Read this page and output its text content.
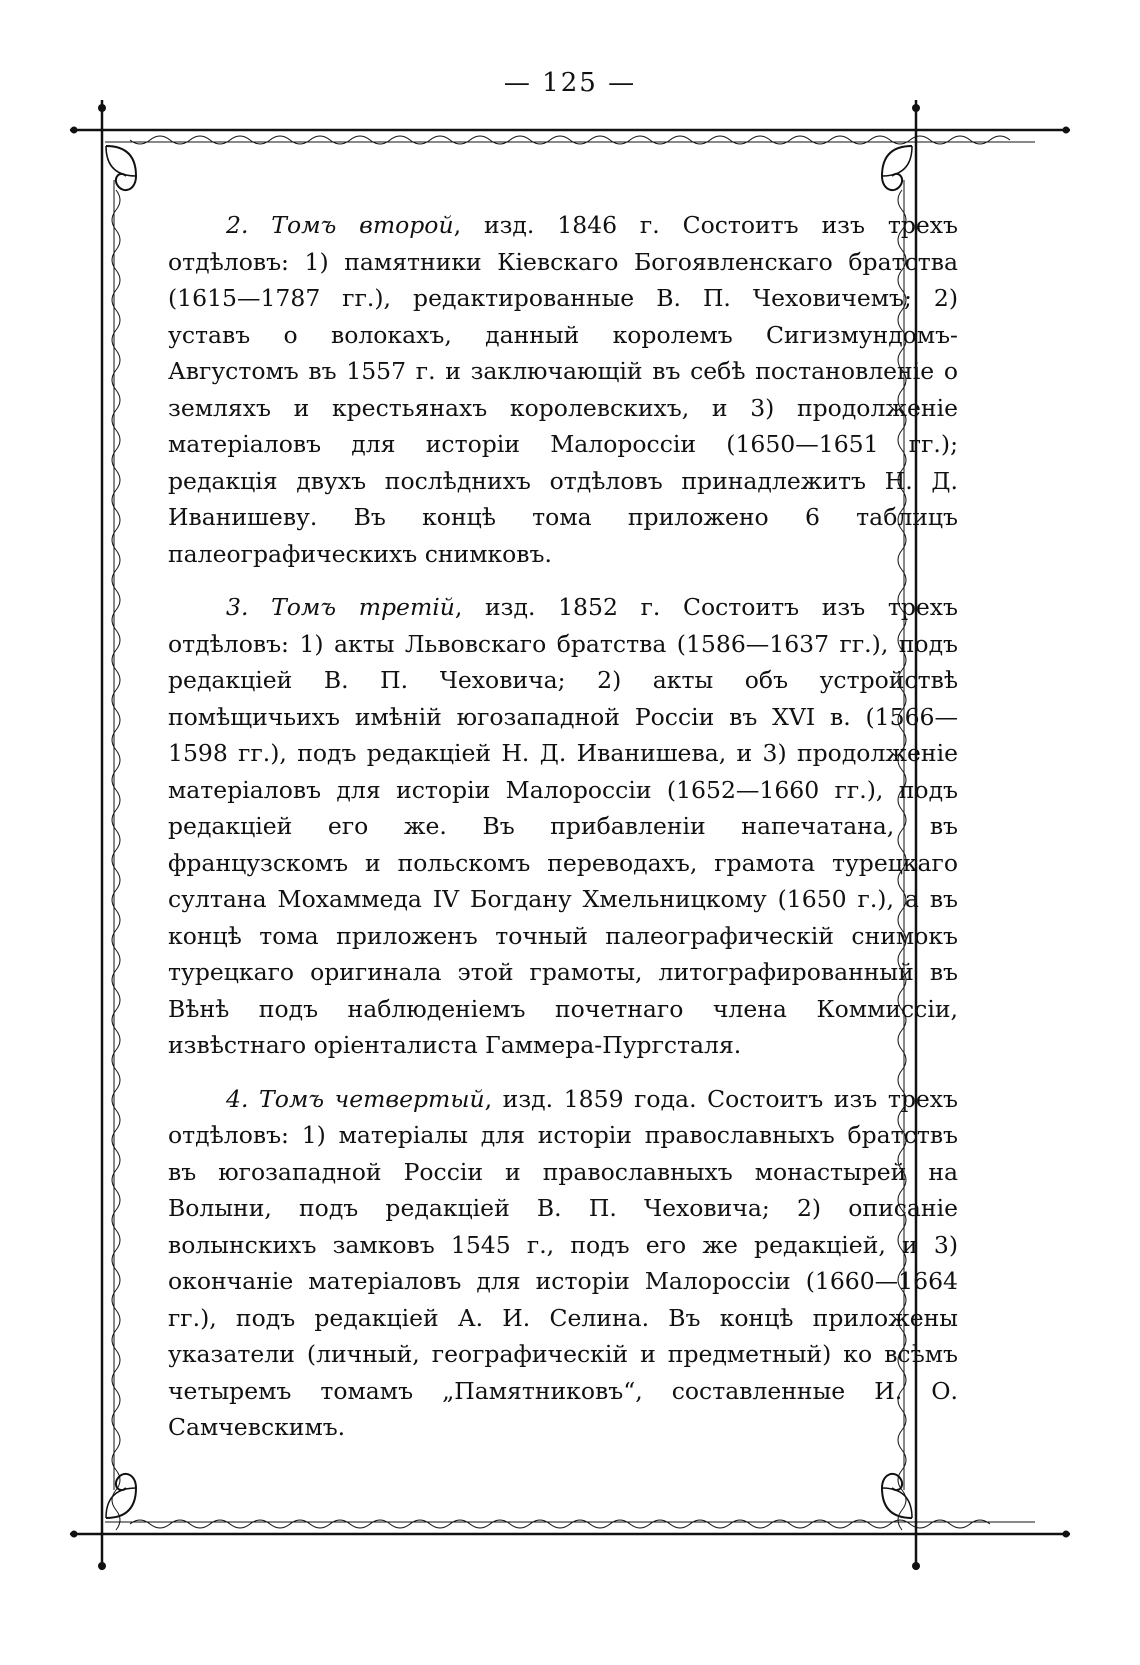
— 125 —

2. Томъ второй, изд. 1846 г. Состоитъ изъ трехъ отдѣловъ: 1) памятники Кіевскаго Богоявленскаго братства (1615—1787 гг.), редактированные В. П. Чеховичемъ; 2) уставъ о волокахъ, данный королемъ Сигизмундомъ-Августомъ въ 1557 г. и заключающій въ себѣ постановленіе о земляхъ и крестьянахъ королевскихъ, и 3) продолженіе матеріаловъ для исторіи Малороссіи (1650—1651 гг.); редакція двухъ послѣднихъ отдѣловъ принадлежитъ Н. Д. Иванишеву. Въ концѣ тома приложено 6 таблицъ палеографическихъ снимковъ.

3. Томъ третій, изд. 1852 г. Состоитъ изъ трехъ отдѣловъ: 1) акты Львовскаго братства (1586—1637 гг.), подъ редакціей В. П. Чеховича; 2) акты объ устройствѣ помѣщичьихъ имѣній югозападной Россіи въ XVI в. (1566—1598 гг.), подъ редакціей Н. Д. Иванишева, и 3) продолженіе матеріаловъ для исторіи Малороссіи (1652—1660 гг.), подъ редакціей его же. Въ прибавленіи напечатана, въ французскомъ и польскомъ переводахъ, грамота турецкаго султана Мохаммеда IV Богдану Хмельницкому (1650 г.), а въ концѣ тома приложенъ точный палеографическій снимокъ турецкаго оригинала этой грамоты, литографированный въ Вѣнѣ подъ наблюденіемъ почетнаго члена Коммиссіи, извѣстнаго оріенталиста Гаммера-Пургсталя.

4. Томъ четвертый, изд. 1859 года. Состоитъ изъ трехъ отдѣловъ: 1) матеріалы для исторіи православныхъ братствъ въ югозападной Россіи и православныхъ монастырей на Волыни, подъ редакціей В. П. Чеховича; 2) описаніе волынскихъ замковъ 1545 г., подъ его же редакціей, и 3) окончаніе матеріаловъ для исторіи Малороссіи (1660—1664 гг.), подъ редакціей А. И. Селина. Въ концѣ приложены указатели (личный, географическій и предметный) ко всѣмъ четыремъ томамъ „Памятниковъ“, составленные И. О. Самчевскимъ.
